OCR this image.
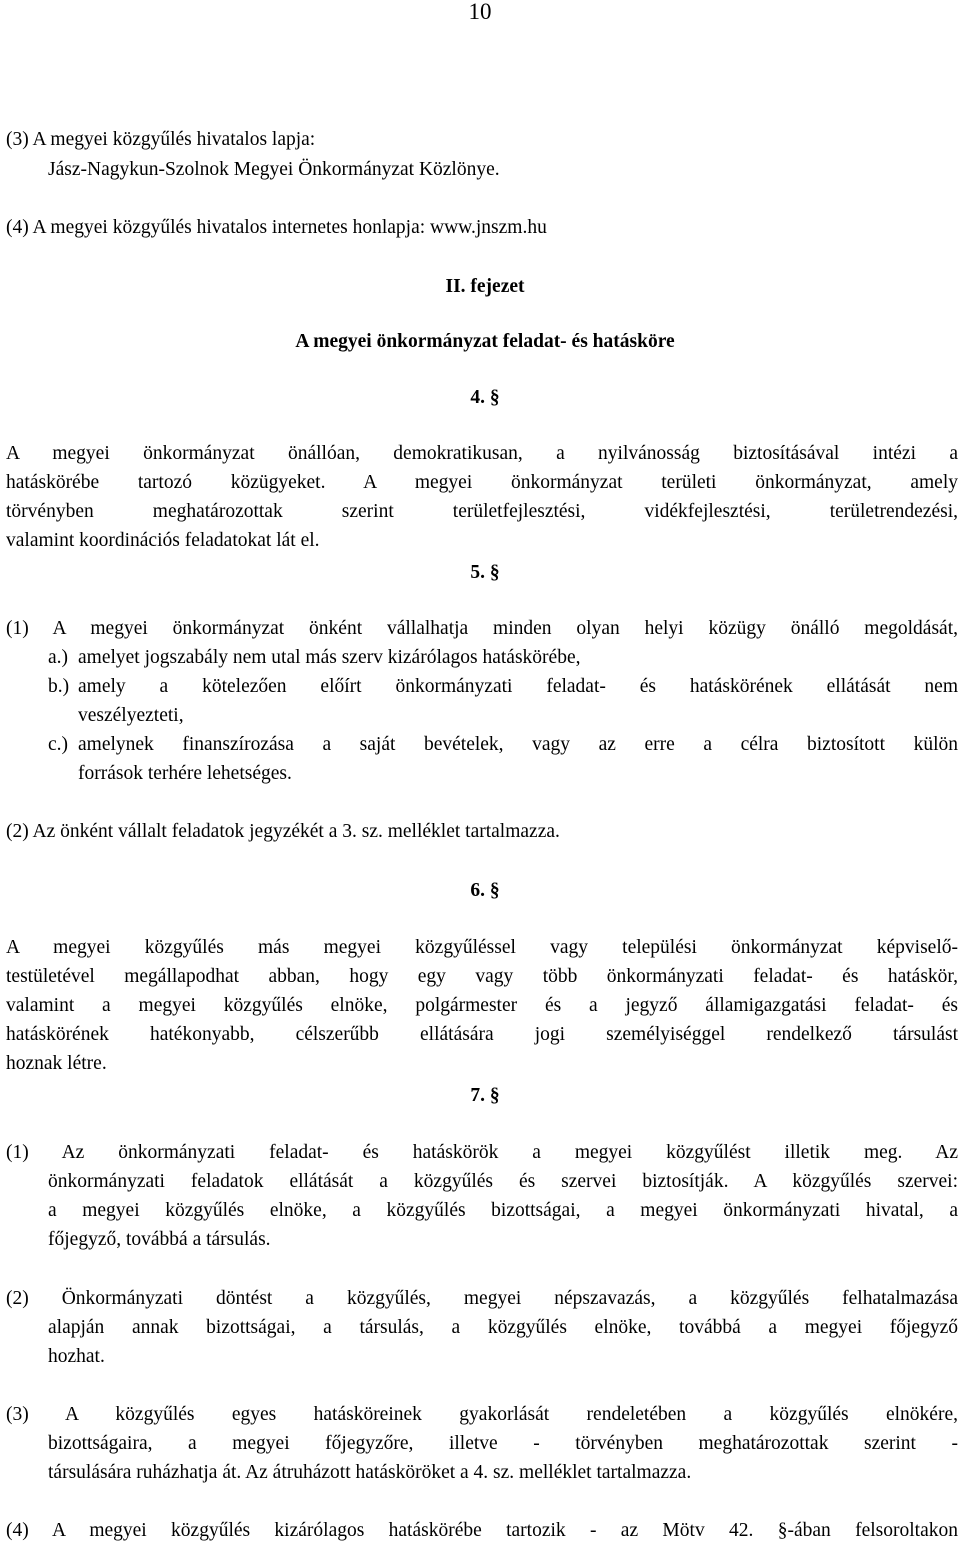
10
(3) A megyei közgyűlés hivatalos lapja:
Jász-Nagykun-Szolnok Megyei Önkormányzat Közlönye.
(4) A megyei közgyűlés hivatalos internetes honlapja: www.jnszm.hu
II. fejezet
A megyei önkormányzat feladat- és hatásköre
4. §
A megyei önkormányzat önállóan, demokratikusan, a nyilvánosság biztosításával intézi a
hatáskörébe tartozó közügyeket. A megyei önkormányzat területi önkormányzat, amely
törvényben meghatározottak szerint területfejlesztési, vidékfejlesztési, területrendezési,
valamint koordinációs feladatokat lát el.
5. §
(1) A megyei önkormányzat önként vállalhatja minden olyan helyi közügy önálló megoldását,
a.) amelyet jogszabály nem utal más szerv kizárólagos hatáskörébe,
b.) amely a kötelezően előírt önkormányzati feladat- és hatáskörének ellátását nem
veszélyezteti,
c.) amelynek finanszírozása a saját bevételek, vagy az erre a célra biztosított külön
források terhére lehetséges.
(2) Az önként vállalt feladatok jegyzékét a 3. sz. melléklet tartalmazza.
6. §
A megyei közgyűlés más megyei közgyűléssel vagy települési önkormányzat képviselő-
testületével megállapodhat abban, hogy egy vagy több önkormányzati feladat- és hatáskör,
valamint a megyei közgyűlés elnöke, polgármester és a jegyző államigazgatási feladat- és
hatáskörének hatékonyabb, célszerűbb ellátására jogi személyiséggel rendelkező társulást
hoznak létre.
7. §
(1) Az önkormányzati feladat- és hatáskörök a megyei közgyűlést illetik meg. Az
önkormányzati feladatok ellátását a közgyűlés és szervei biztosítják. A közgyűlés szervei:
a megyei közgyűlés elnöke, a közgyűlés bizottságai, a megyei önkormányzati hivatal, a
főjegyző, továbbá a társulás.
(2) Önkormányzati döntést a közgyűlés, megyei népszavazás, a közgyűlés felhatalmazása
alapján annak bizottságai, a társulás, a közgyűlés elnöke, továbbá a megyei főjegyző
hozhat.
(3) A közgyűlés egyes hatásköreinek gyakorlását rendeletében a közgyűlés elnökére,
bizottságaira, a megyei főjegyzőre, illetve - törvényben meghatározottak szerint -
társulására ruházhatja át. Az átruházott hatásköröket a 4. sz. melléklet tartalmazza.
(4) A megyei közgyűlés kizárólagos hatáskörébe tartozik - az Mötv 42. §-ában felsoroltakon
